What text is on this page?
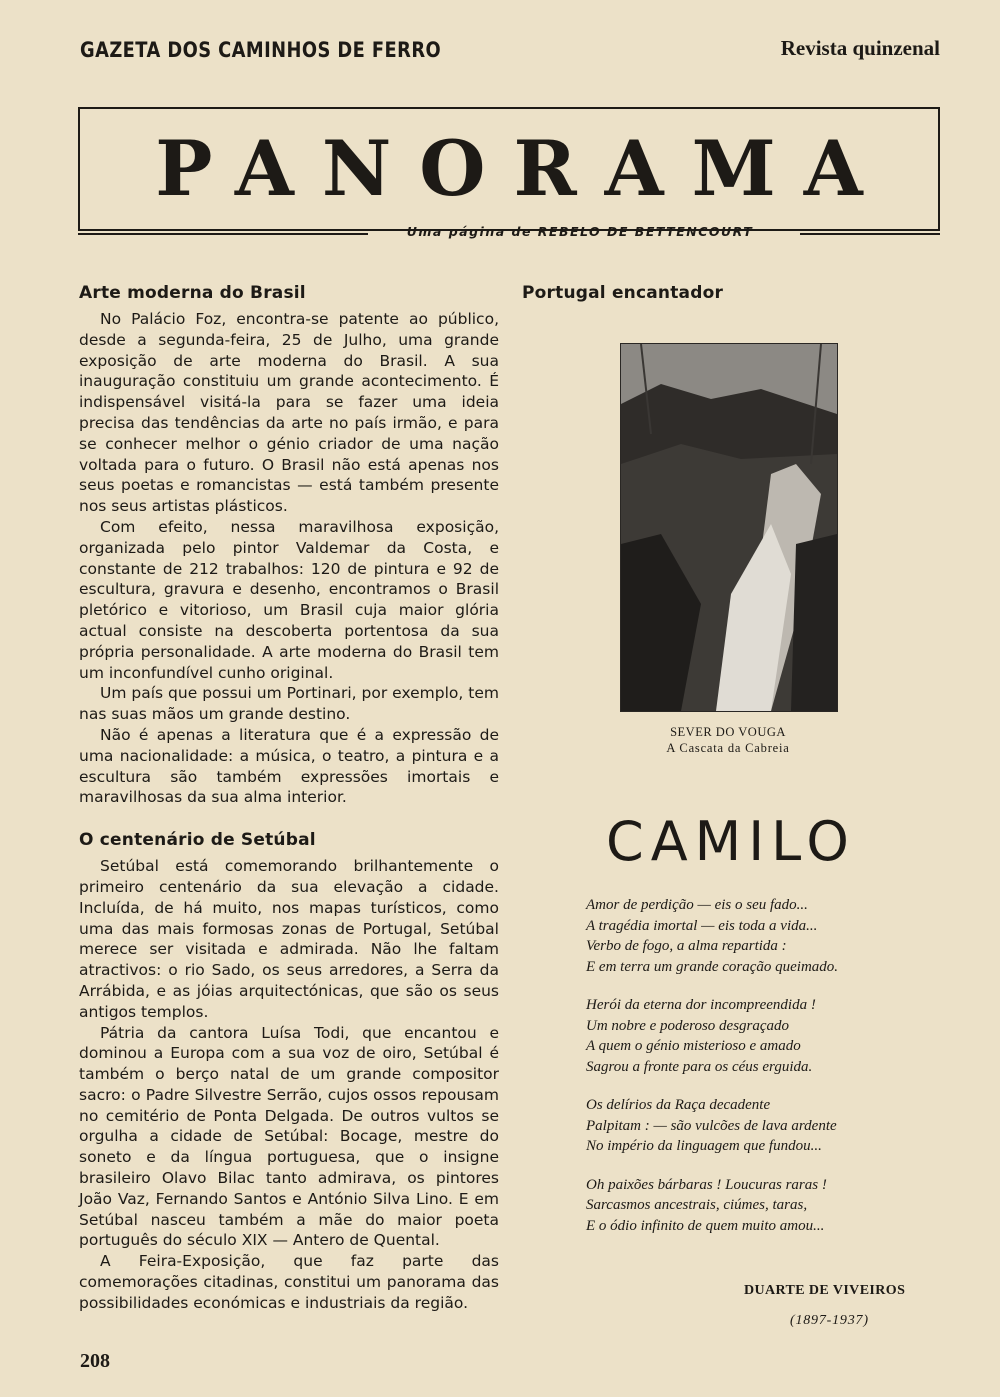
GAZETA DOS CAMINHOS DE FERRO	Revista quinzenal
PANORAMA
Uma página de REBELO DE BETTENCOURT
Arte moderna do Brasil

No Palácio Foz, encontra-se patente ao público, desde a segunda-feira, 25 de Julho, uma grande exposição de arte moderna do Brasil. A sua inauguração constituiu um grande acontecimento. É indispensável visitá-la para se fazer uma ideia precisa das tendências da arte no país irmão, e para se conhecer melhor o génio criador de uma nação voltada para o futuro. O Brasil não está apenas nos seus poetas e romancistas — está também presente nos seus artistas plásticos.

Com efeito, nessa maravilhosa exposição, organizada pelo pintor Valdemar da Costa, e constante de 212 trabalhos: 120 de pintura e 92 de escultura, gravura e desenho, encontramos o Brasil pletórico e vitorioso, um Brasil cuja maior glória actual consiste na descoberta portentosa da sua própria personalidade. A arte moderna do Brasil tem um inconfundível cunho original.

Um país que possui um Portinari, por exemplo, tem nas suas mãos um grande destino.

Não é apenas a literatura que é a expressão de uma nacionalidade: a música, o teatro, a pintura e a escultura são também expressões imortais e maravilhosas da sua alma interior.

O centenário de Setúbal

Setúbal está comemorando brilhantemente o primeiro centenário da sua elevação a cidade. Incluída, de há muito, nos mapas turísticos, como uma das mais formosas zonas de Portugal, Setúbal merece ser visitada e admirada. Não lhe faltam atractivos: o rio Sado, os seus arredores, a Serra da Arrábida, e as jóias arquitectónicas, que são os seus antigos templos.

Pátria da cantora Luísa Todi, que encantou e dominou a Europa com a sua voz de oiro, Setúbal é também o berço natal de um grande compositor sacro: o Padre Silvestre Serrão, cujos ossos repousam no cemitério de Ponta Delgada. De outros vultos se orgulha a cidade de Setúbal: Bocage, mestre do soneto e da língua portuguesa, que o insigne brasileiro Olavo Bilac tanto admirava, os pintores João Vaz, Fernando Santos e António Silva Lino. E em Setúbal nasceu também a mãe do maior poeta português do século XIX — Antero de Quental.

A Feira-Exposição, que faz parte das comemorações citadinas, constitui um panorama das possibilidades económicas e industriais da região.

Portugal encantador
SEVER DO VOUGA
A Cascata da Cabreia
CAMILO
Amor de perdição — eis o seu fado...
A tragédia imortal — eis toda a vida...
Verbo de fogo, a alma repartida :
E em terra um grande coração queimado.
Herói da eterna dor incompreendida !
Um nobre e poderoso desgraçado
A quem o génio misterioso e amado
Sagrou a fronte para os céus erguida.
Os delírios da Raça decadente
Palpitam : — são vulcões de lava ardente
No império da linguagem que fundou...
Oh paixões bárbaras ! Loucuras raras !
Sarcasmos ancestrais, ciúmes, taras,
E o ódio infinito de quem muito amou...
DUARTE DE VIVEIROS
(1897-1937)
208
